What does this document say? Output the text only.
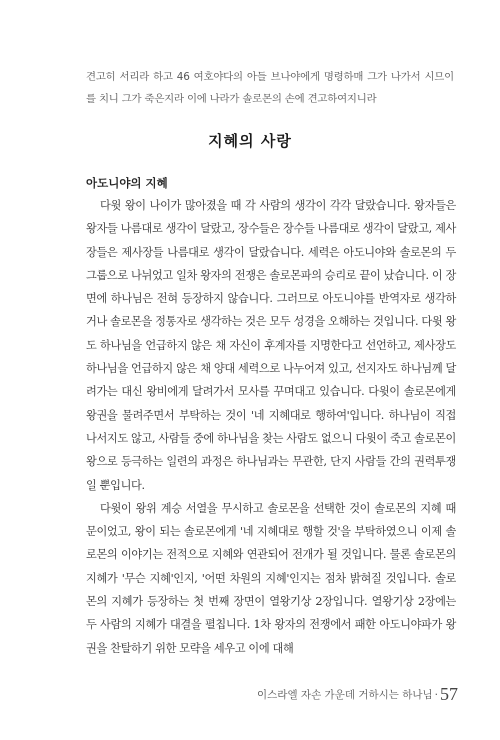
견고히 서리라 하고 46 여호야다의 아들 브나야에게 명령하매 그가 나가서 시므이를 치니 그가 죽은지라 이에 나라가 솔로몬의 손에 견고하여지니라
지혜의 사랑
아도니야의 지혜

다윗 왕이 나이가 많아졌을 때 각 사람의 생각이 각각 달랐습니다. 왕자들은 왕자들 나름대로 생각이 달랐고, 장수들은 장수들 나름대로 생각이 달랐고, 제사장들은 제사장들 나름대로 생각이 달랐습니다. 세력은 아도니야와 솔로몬의 두 그룹으로 나뉘었고 일차 왕자의 전쟁은 솔로몬파의 승리로 끝이 났습니다. 이 장면에 하나님은 전혀 등장하지 않습니다. 그러므로 아도니야를 반역자로 생각하거나 솔로몬을 정통자로 생각하는 것은 모두 성경을 오해하는 것입니다. 다윗 왕도 하나님을 언급하지 않은 채 자신이 후계자를 지명한다고 선언하고, 제사장도 하나님을 언급하지 않은 채 양대 세력으로 나누어져 있고, 선지자도 하나님께 달려가는 대신 왕비에게 달려가서 모사를 꾸며대고 있습니다. 다윗이 솔로몬에게 왕권을 물려주면서 부탁하는 것이 '네 지혜대로 행하여'입니다. 하나님이 직접 나서지도 않고, 사람들 중에 하나님을 찾는 사람도 없으니 다윗이 죽고 솔로몬이 왕으로 등극하는 일련의 과정은 하나님과는 무관한, 단지 사람들 간의 권력투쟁일 뿐입니다.

다윗이 왕위 계승 서열을 무시하고 솔로몬을 선택한 것이 솔로몬의 지혜 때문이었고, 왕이 되는 솔로몬에게 '네 지혜대로 행할 것'을 부탁하였으니 이제 솔로몬의 이야기는 전적으로 지혜와 연관되어 전개가 될 것입니다. 물론 솔로몬의 지혜가 '무슨 지혜'인지, '어떤 차원의 지혜'인지는 점차 밝혀질 것입니다. 솔로몬의 지혜가 등장하는 첫 번째 장면이 열왕기상 2장입니다. 열왕기상 2장에는 두 사람의 지혜가 대결을 펼칩니다. 1차 왕자의 전쟁에서 패한 아도니야파가 왕권을 찬탈하기 위한 모략을 세우고 이에 대해

이스라엘 자손 가운데 거하시는 하나님 · 57
